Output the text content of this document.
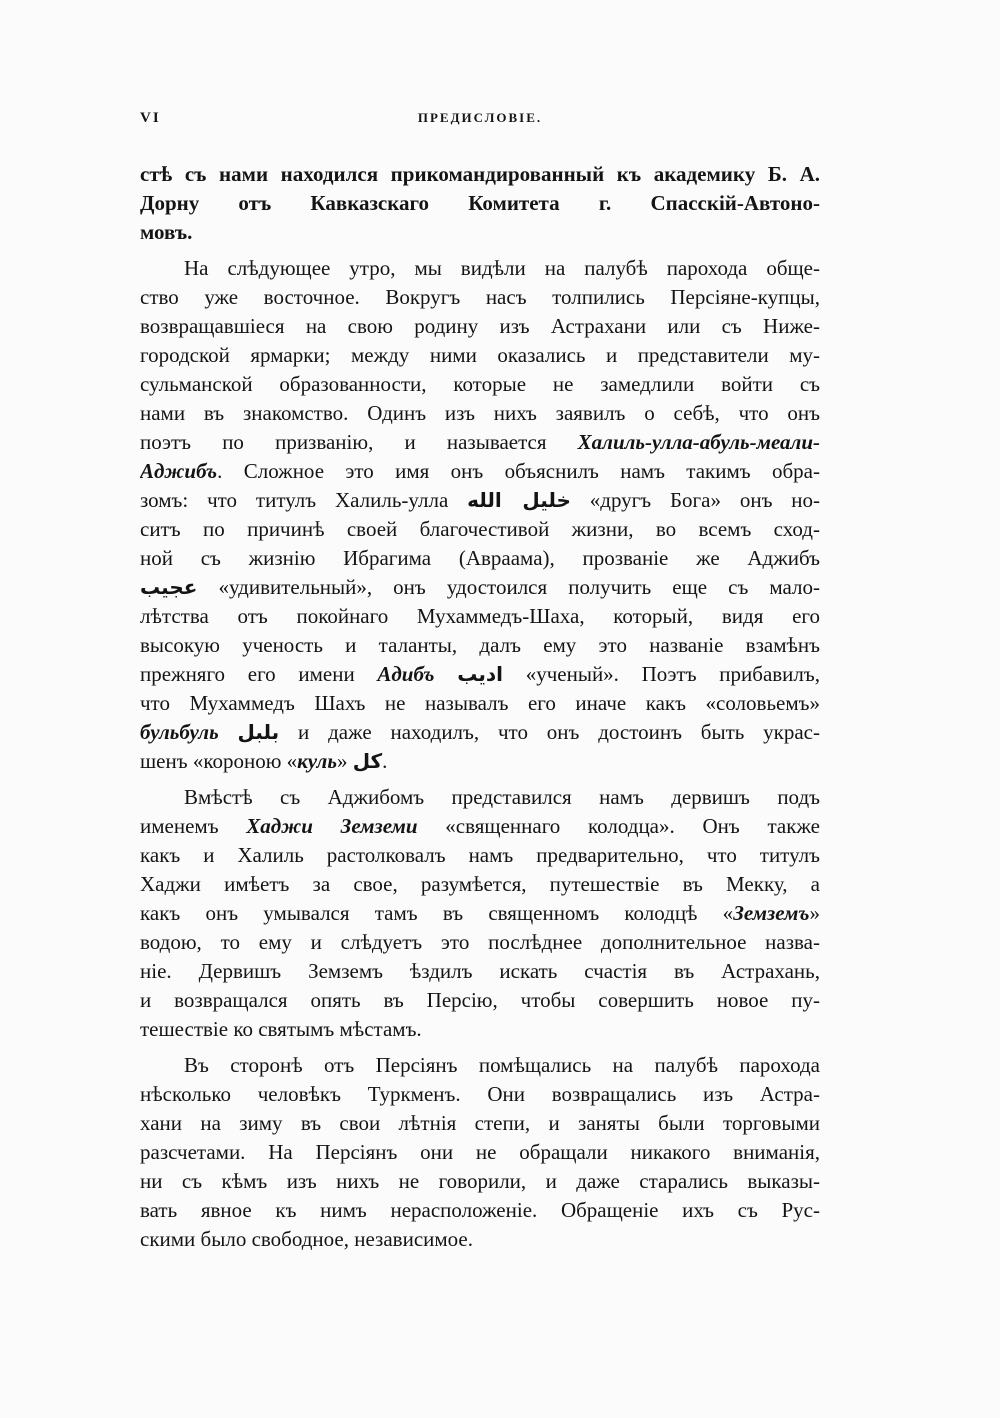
VI	ПРЕДИСЛОВІЕ.
стѣ съ нами находился прикомандированный къ академику Б. А.
Дорну отъ Кавказскаго Комитета г. Спасскій-Автоно-
мовъ.
На слѣдующее утро, мы видѣли на палубѣ парохода обще-
ство уже восточное. Вокругъ насъ толпились Персіяне-купцы,
возвращавшіеся на свою родину изъ Астрахани или съ Ниже-
городской ярмарки; между ними оказались и представители му-
сульманской образованности, которые не замедлили войти съ
нами въ знакомство. Одинъ изъ нихъ заявилъ о себѣ, что онъ
поэтъ по призванію, и называется Халиль-улла-абуль-меали-
Аджибъ. Сложное это имя онъ объяснилъ намъ такимъ обра-
зомъ: что титулъ Халиль-улла خليل الله «другъ Бога» онъ но-
ситъ по причинѣ своей благочестивой жизни, во всемъ сход-
ной съ жизнію Ибрагима (Авраама), прозваніе же Аджибъ
عجيب «удивительный», онъ удостоился получить еще съ мало-
лѣтства отъ покойнаго Мухаммедъ-Шаха, который, видя его
высокую ученость и таланты, далъ ему это названіе взамѣнъ
прежняго его имени Адибъ اديب «ученый». Поэтъ прибавилъ,
что Мухаммедъ Шахъ не называлъ его иначе какъ «соловьемъ»
бульбуль بلبل и даже находилъ, что онъ достоинъ быть украс-
шенъ «короною «куль» كل.
Вмѣстѣ съ Аджибомъ представился намъ дервишъ подъ
именемъ Хаджи Земземи «священнаго колодца». Онъ также
какъ и Халиль растолковалъ намъ предварительно, что титулъ
Хаджи имѣетъ за свое, разумѣется, путешествіе въ Мекку, а
какъ онъ умывался тамъ въ священномъ колодцѣ «Земземъ»
водою, то ему и слѣдуетъ это послѣднее дополнительное назва-
ніе. Дервишъ Земземъ ѣздилъ искать счастія въ Астрахань,
и возвращался опять въ Персію, чтобы совершить новое пу-
тешествіе ко святымъ мѣстамъ.
Въ сторонѣ отъ Персіянъ помѣщались на палубѣ парохода
нѣсколько человѣкъ Туркменъ. Они возвращались изъ Астра-
хани на зиму въ свои лѣтнія степи, и заняты были торговыми
разсчетами. На Персіянъ они не обращали никакого вниманія,
ни съ кѣмъ изъ нихъ не говорили, и даже старались выказы-
вать явное къ нимъ нерасположеніе. Обращеніе ихъ съ Рус-
скими было свободное, независимое.
